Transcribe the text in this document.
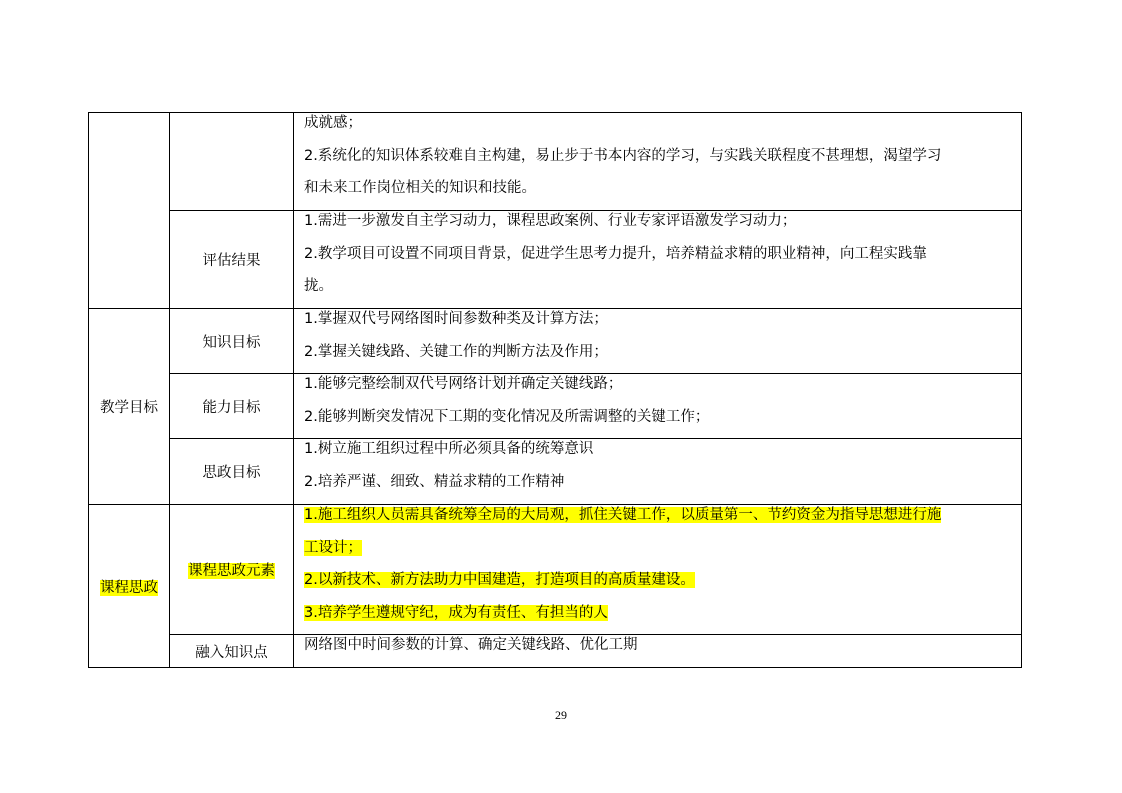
		成就感；
2.系统化的知识体系较难自主构建，易止步于书本内容的学习，与实践关联程度不甚理想，渴望学习
和未来工作岗位相关的知识和技能。

	评估结果	1.需进一步激发自主学习动力，课程思政案例、行业专家评语激发学习动力；
2.教学项目可设置不同项目背景，促进学生思考力提升，培养精益求精的职业精神，向工程实践靠
拢。

教学目标	知识目标	1.掌握双代号网络图时间参数种类及计算方法；
2.掌握关键线路、关键工作的判断方法及作用；

	能力目标	1.能够完整绘制双代号网络计划并确定关键线路；
2.能够判断突发情况下工期的变化情况及所需调整的关键工作；

	思政目标	1.树立施工组织过程中所必须具备的统筹意识
2.培养严谨、细致、精益求精的工作精神

课程思政	课程思政元素	1.施工组织人员需具备统筹全局的大局观，抓住关键工作，以质量第一、节约资金为指导思想进行施
工设计；
2.以新技术、新方法助力中国建造，打造项目的高质量建设。
3.培养学生遵规守纪，成为有责任、有担当的人

	融入知识点	网络图中时间参数的计算、确定关键线路、优化工期
29
